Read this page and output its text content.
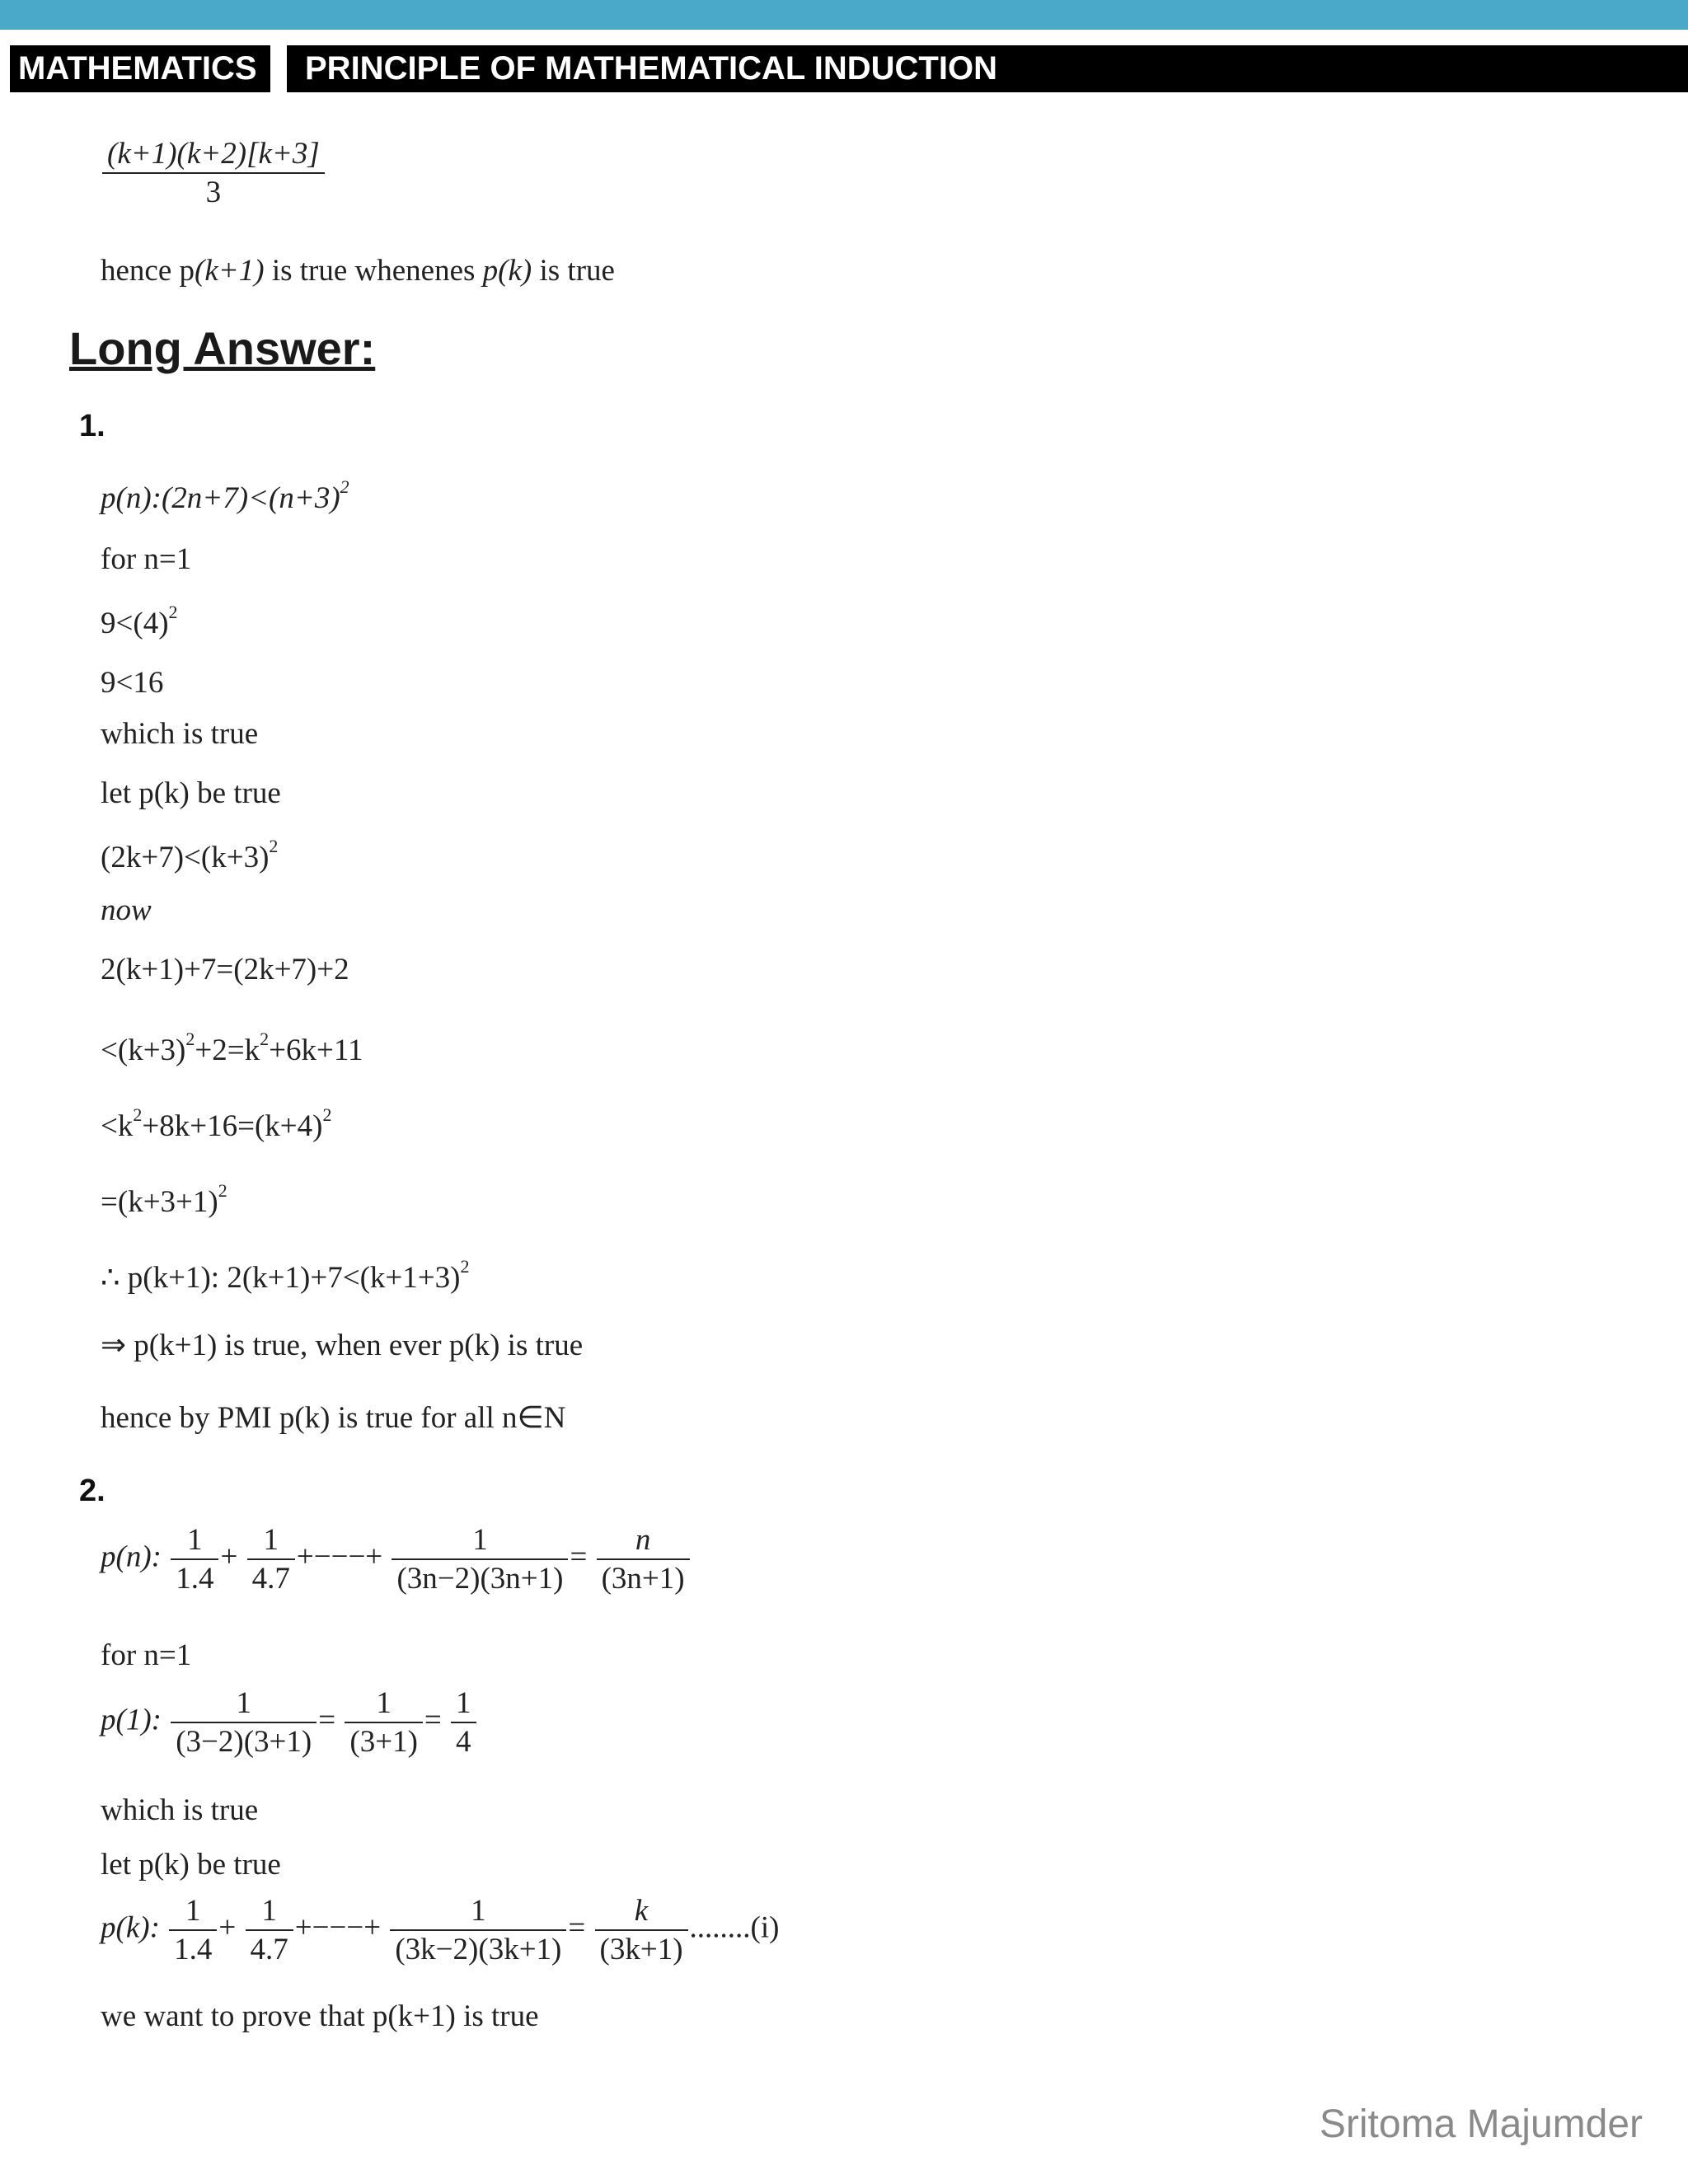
MATHEMATICS	PRINCIPLE OF MATHEMATICAL INDUCTION
$\frac{(k+1)(k+2)[k+3]}{3}$
hence p(k+1) is true whenenes p(k) is true
Long Answer:
1.
$p(n):(2n+7)<(n+3)^2$
for n=1
$9<(4)^2$
9<16
which is true
let p(k) be true
$(2k+7)<(k+3)^2$
now
2(k+1)+7=(2k+7)+2
$<(k+3)^2+2=k^2+6k+11$
$<k^2+8k+16=(k+4)^2$
$=(k+3+1)^2$
∴ p(k+1): $2(k+1)+7<(k+1+3)^2$
⇒ p(k+1) is true, when ever p(k) is true
hence by PMI p(k) is true for all n∈N
2.
p(n): $\frac{1}{1.4} + \frac{1}{4.7}$ +−−−+ $\frac{1}{(3n-2)(3n+1)} = \frac{n}{(3n+1)}$
for n=1
p(1): $\frac{1}{(3-2)(3+1)} = \frac{1}{(3+1)} = \frac{1}{4}$
which is true
let p(k) be true
p(k): $\frac{1}{1.4} + \frac{1}{4.7}$ +−−−+ $\frac{1}{(3k-2)(3k+1)} = \frac{k}{(3k+1)} ........(i)$
we want to prove that p(k+1) is true
Sritoma Majumder
